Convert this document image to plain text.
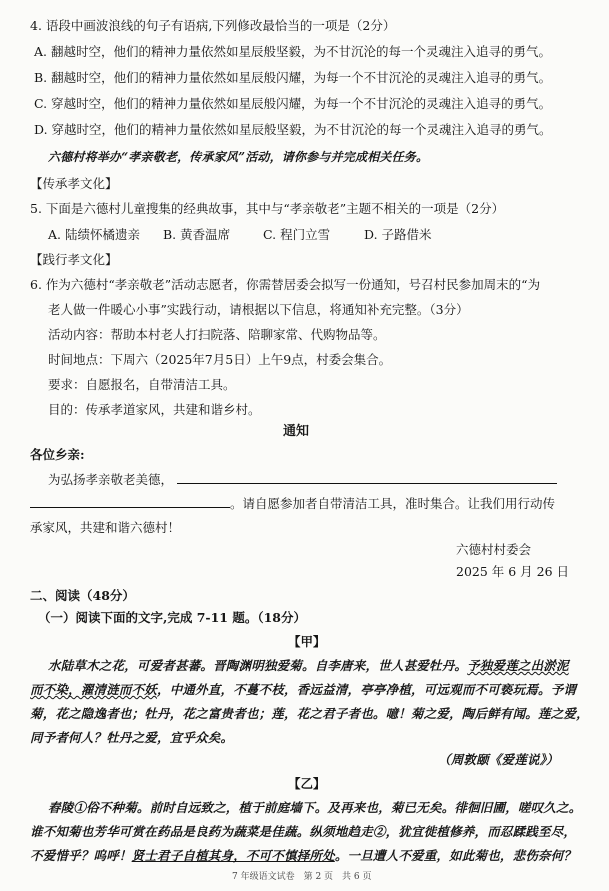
4. 语段中画波浪线的句子有语病,下列修改最恰当的一项是（2分）
A. 翻越时空，他们的精神力量依然如星辰般坚毅，为不甘沉沦的每一个灵魂注入追寻的勇气。
B. 翻越时空，他们的精神力量依然如星辰般闪耀，为每一个不甘沉沦的灵魂注入追寻的勇气。
C. 穿越时空，他们的精神力量依然如星辰般闪耀，为每一个不甘沉沦的灵魂注入追寻的勇气。
D. 穿越时空，他们的精神力量依然如星辰般坚毅，为不甘沉沦的每一个灵魂注入追寻的勇气。
六德村将举办“孝亲敬老，传承家风”活动，请你参与并完成相关任务。
【传承孝文化】
5. 下面是六德村儿童搜集的经典故事，其中与“孝亲敬老”主题不相关的一项是（2分）
A. 陆绩怀橘遗亲 B. 黄香温席	C. 程门立雪	D. 子路借米
【践行孝文化】
6. 作为六德村“孝亲敬老”活动志愿者，你需替居委会拟写一份通知，号召村民参加周末的“为
老人做一件暖心小事”实践行动，请根据以下信息，将通知补充完整。（3分）
活动内容：帮助本村老人打扫院落、陪聊家常、代购物品等。
时间地点：下周六（2025年7月5日）上午9点，村委会集合。
要求：自愿报名，自带清洁工具。
目的：传承孝道家风，共建和谐乡村。
通知
各位乡亲:
为弘扬孝亲敬老美德，
。请自愿参加者自带清洁工具，准时集合。让我们用行动传
承家风，共建和谐六德村！
六德村村委会
2025 年 6 月 26 日
二、阅读（48分）
（一）阅读下面的文字,完成 7-11 题。（18分）
【甲】
水陆草木之花，可爱者甚蕃。晋陶渊明独爱菊。自李唐来，世人甚爱牡丹。予独爱莲之出淤泥
而不染，濯清涟而不妖，中通外直，不蔓不枝，香远益清，亭亭净植，可远观而不可亵玩焉。予谓
菊，花之隐逸者也；牡丹，花之富贵者也；莲，花之君子者也。噫！菊之爱，陶后鲜有闻。莲之爱，
同予者何人？牡丹之爱，宜乎众矣。
（周敦颐《爱莲说》）
【乙】
舂陵①俗不种菊。前时自远致之，植于前庭墙下。及再来也，菊已无矣。徘徊旧圃，嗟叹久之。
谁不知菊也芳华可赏在药品是良药为蔬菜是佳蔬。纵须地趋走②，犹宜徙植修养，而忍蹂践至尽，
不爱惜乎？呜呼！贤士君子自植其身，不可不慎择所处。一旦遭人不爱重，如此菊也，悲伤奈何？
7 年级语文试卷　第 2 页　共 6 页
